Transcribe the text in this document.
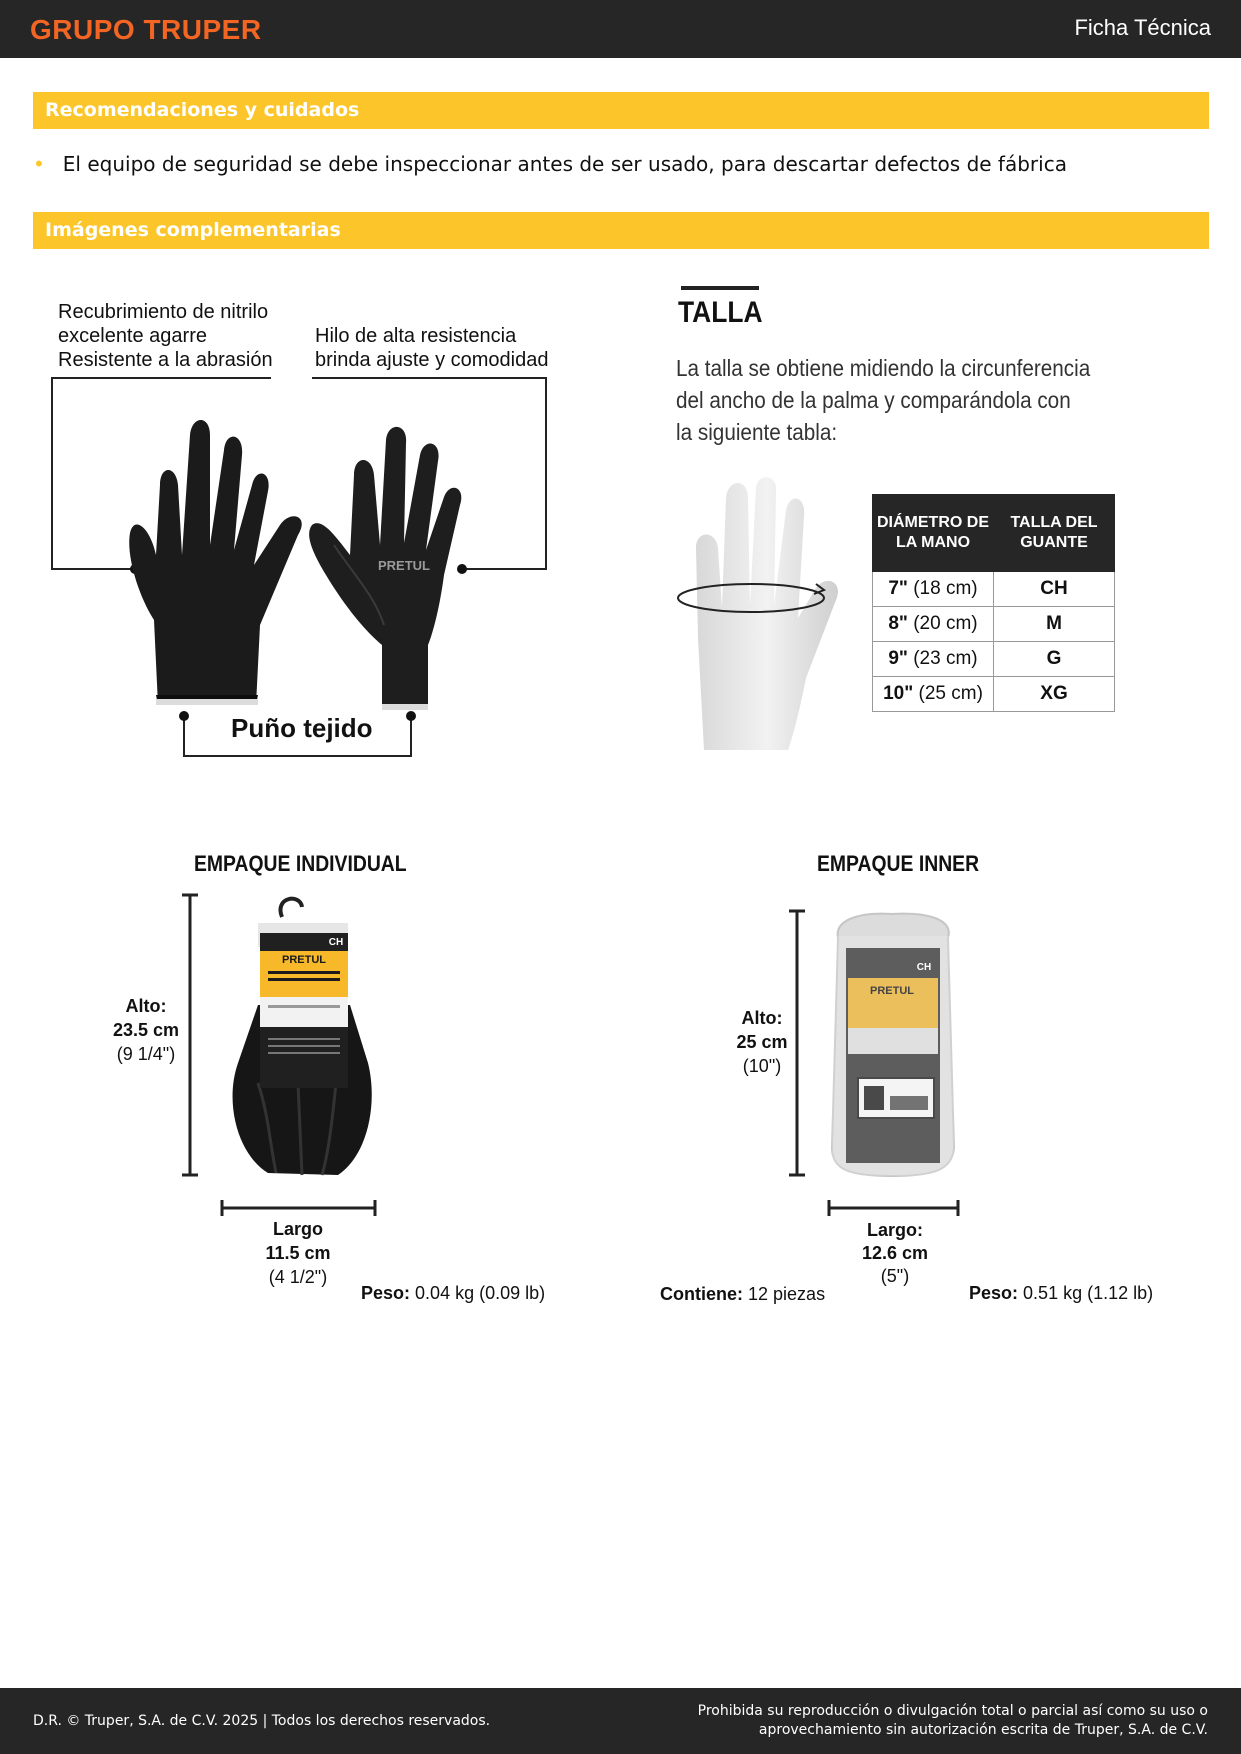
GRUPO TRUPER	Ficha Técnica
Recomendaciones y cuidados
• El equipo de seguridad se debe inspeccionar antes de ser usado, para descartar defectos de fábrica
Imágenes complementarias
Recubrimiento de nitrilo
excelente agarre
Resistente a la abrasión
Hilo de alta resistencia
brinda ajuste y comodidad
Puño tejido
PRETUL
TALLA
La talla se obtiene midiendo la circunferencia
del ancho de la palma y comparándola con
la siguiente tabla:
DIÁMETRO DE LA MANO	TALLA DEL GUANTE
7" (18 cm)	CH
8" (20 cm)	M
9" (23 cm)	G
10" (25 cm)	XG
EMPAQUE INDIVIDUAL
Alto:
23.5 cm
(9 1/4")
PRETUL
CH
Largo
11.5 cm
(4 1/2")
Peso: 0.04 kg (0.09 lb)
EMPAQUE INNER
Alto:
25 cm
(10")
PRETUL
CH
Largo:
12.6 cm
(5")
Contiene: 12 piezas	Peso: 0.51 kg (1.12 lb)
D.R. © Truper, S.A. de C.V. 2025 | Todos los derechos reservados.
Prohibida su reproducción o divulgación total o parcial así como su uso o
aprovechamiento sin autorización escrita de Truper, S.A. de C.V.
